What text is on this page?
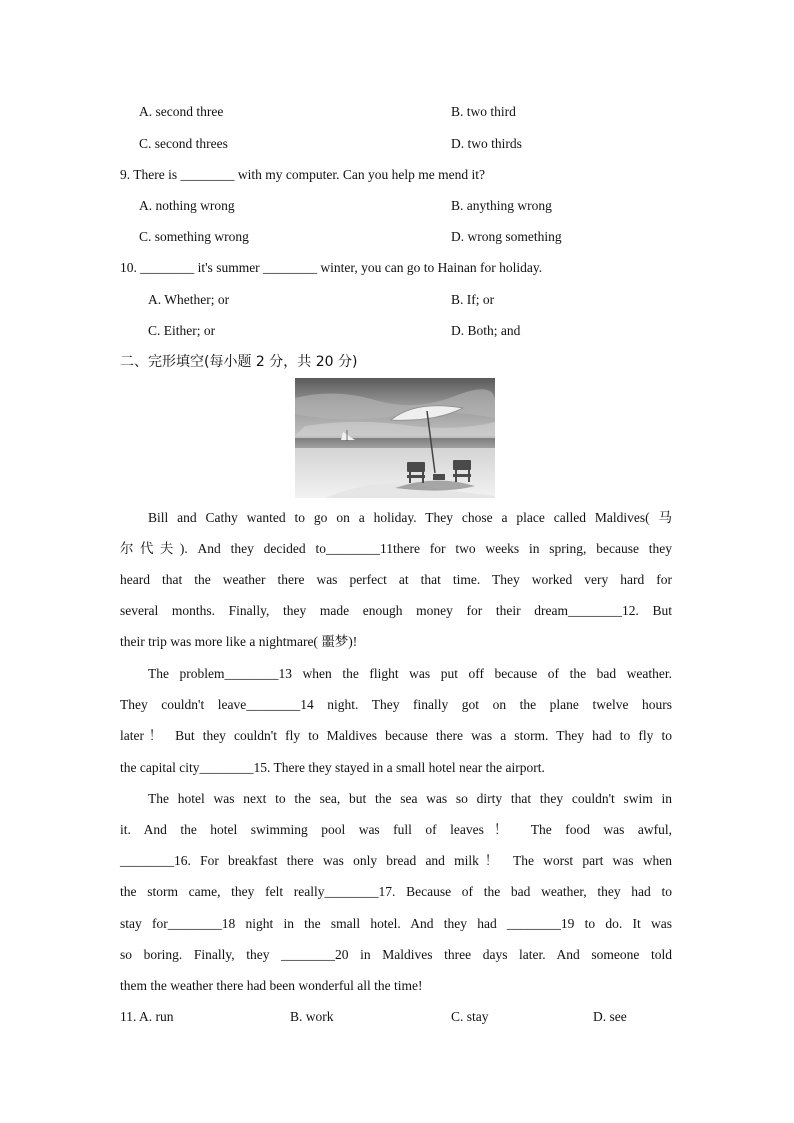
A. second three	B. two third
C. second threes	D. two thirds
9. There is ________ with my computer. Can you help me mend it?
A. nothing wrong	B. anything wrong
C. something wrong	D. wrong something
10. ________ it's summer ________ winter, you can go to Hainan for holiday.
A. Whether; or	B. If; or
C. Either; or	D. Both; and
二、完形填空(每小题 2 分，共 20 分)
Bill and Cathy wanted to go on a holiday. They chose a place called Maldives( 马
尔代夫). And they decided to________11there for two weeks in spring, because they
heard that the weather there was perfect at that time. They worked very hard for
several months. Finally, they made enough money for their dream________12. But
their trip was more like a nightmare( 噩梦)!
The problem________13 when the flight was put off because of the bad weather.
They couldn't leave________14 night. They finally got on the plane twelve hours
later！ But they couldn't fly to Maldives because there was a storm. They had to fly to
the capital city________15. There they stayed in a small hotel near the airport.
The hotel was next to the sea, but the sea was so dirty that they couldn't swim in
it. And the hotel swimming pool was full of leaves！ The food was awful,
________16. For breakfast there was only bread and milk！ The worst part was when
the storm came, they felt really________17. Because of the bad weather, they had to
stay for________18 night in the small hotel. And they had ________19 to do. It was
so boring. Finally, they ________20 in Maldives three days later. And someone told
them the weather there had been wonderful all the time!
11. A. run	B. work	C. stay	D. see
